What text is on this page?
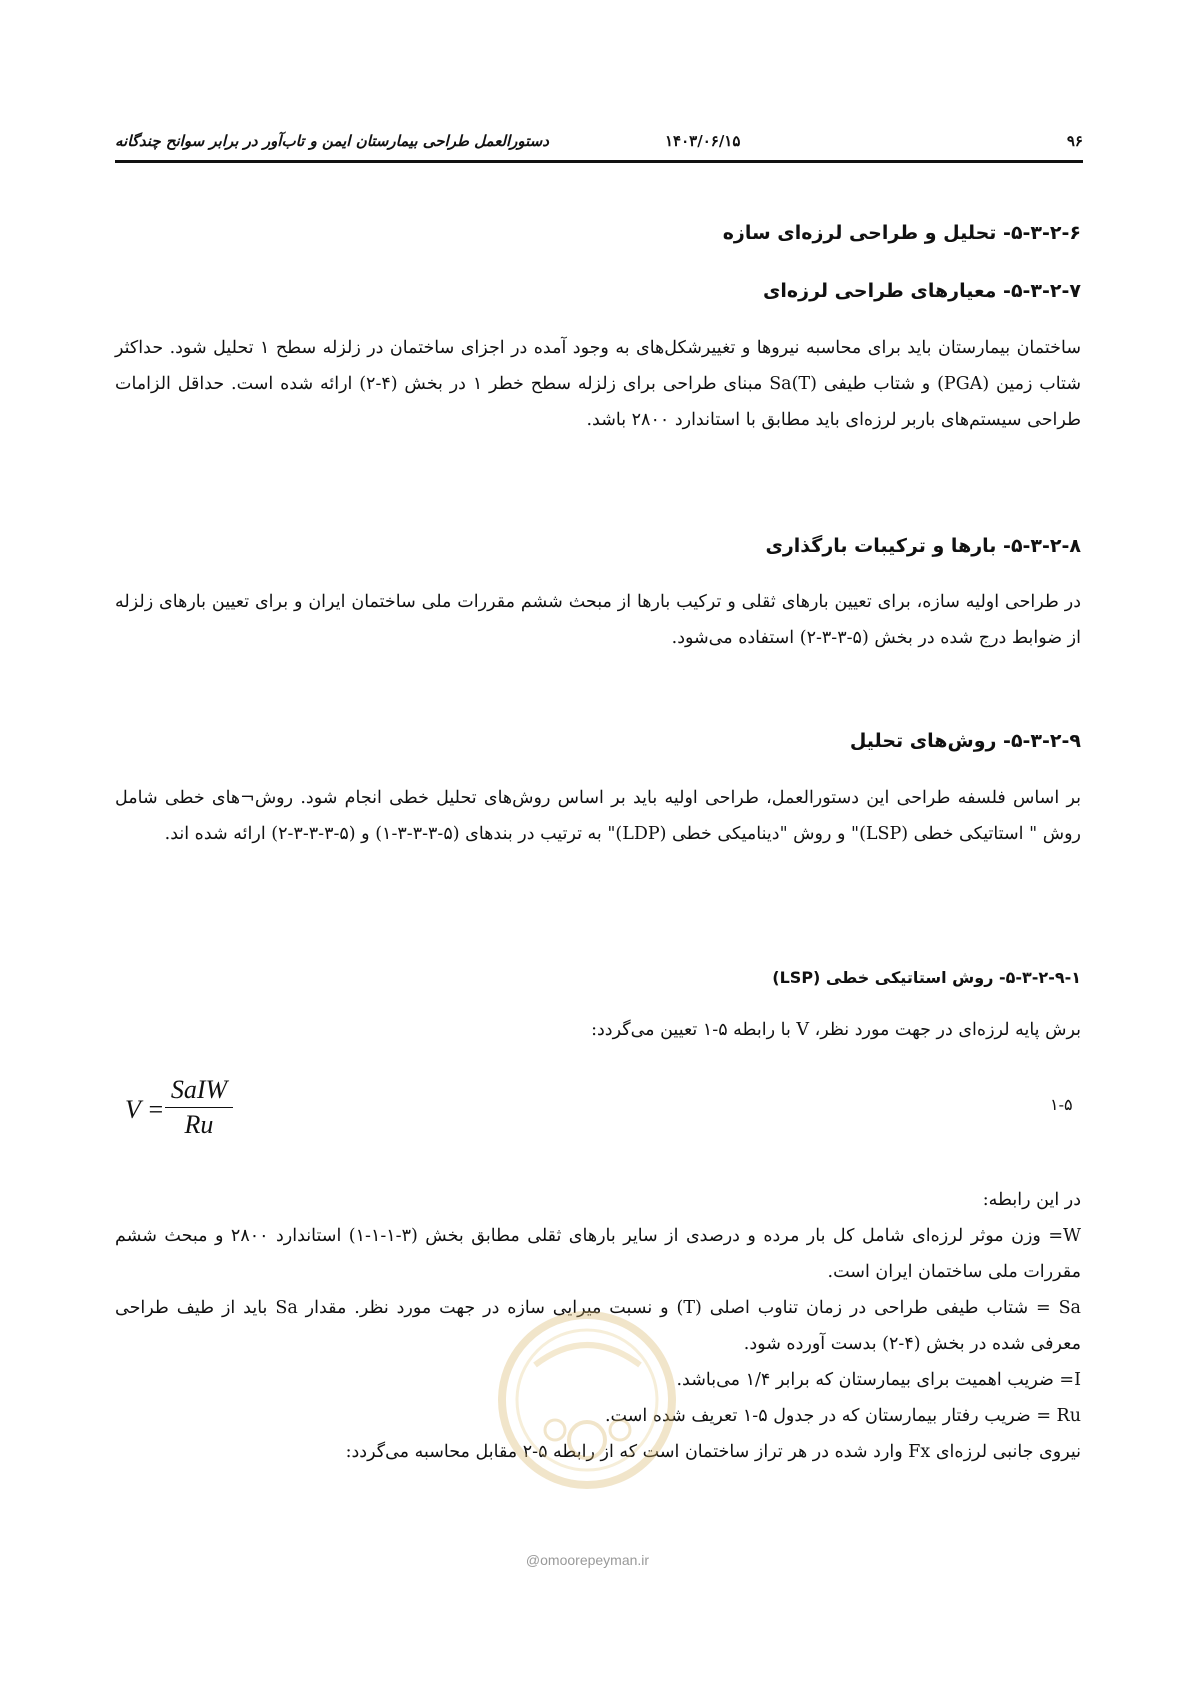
دستورالعمل طراحی بیمارستان ایمن و تاب‌آور در برابر سوانح چندگانه	۱۴۰۳/۰۶/۱۵	۹۶
۵-۳-۲-۶- تحلیل و طراحی لرزه‌ای سازه
۵-۳-۲-۷- معیارهای طراحی لرزه‌ای

ساختمان بیمارستان باید برای محاسبه نیروها و تغییرشکل‌های به وجود آمده در اجزای ساختمان در زلزله سطح ۱ تحلیل شود. حداکثر شتاب زمین (PGA) و شتاب طیفی Sa(T) مبنای طراحی برای زلزله سطح خطر ۱ در بخش (۴-۲) ارائه شده است. حداقل الزامات طراحی سیستم‌های باربر لرزه‌ای باید مطابق با استاندارد ۲۸۰۰ باشد.

۵-۳-۲-۸- بارها و ترکیبات بارگذاری

در طراحی اولیه سازه، برای تعیین بارهای ثقلی و ترکیب بارها از مبحث ششم مقررات ملی ساختمان ایران و برای تعیین بارهای زلزله از ضوابط درج شده در بخش (۵-۳-۳-۲) استفاده می‌شود.

۵-۳-۲-۹- روش‌های تحلیل

بر اساس فلسفه طراحی این دستورالعمل، طراحی اولیه باید بر اساس روش‌های تحلیل خطی انجام شود. روش¬های خطی شامل روش " استاتیکی خطی (LSP)" و روش "دینامیکی خطی (LDP)" به ترتیب در بندهای (۵-۳-۳-۳-۱) و (۵-۳-۳-۳-۲) ارائه شده اند.

۵-۳-۲-۹-۱- روش استاتیکی خطی (LSP)

برش پایه لرزه‌ای در جهت مورد نظر، V با رابطه ۵-۱ تعیین می‌گردد:

V =
SaIW
Ru
۱-۵

در این رابطه:

W= وزن موثر لرزه‌ای شامل کل بار مرده و درصدی از سایر بارهای ثقلی مطابق بخش (۳-۱-۱-۱) استاندارد ۲۸۰۰ و مبحث ششم مقررات ملی ساختمان ایران است.

Sa = شتاب طیفی طراحی در زمان تناوب اصلی (T) و نسبت میرایی سازه در جهت مورد نظر. مقدار Sa باید از طیف طراحی معرفی شده در بخش (۴-۲) بدست آورده شود.

I= ضریب اهمیت برای بیمارستان که برابر ۱/۴ می‌باشد.

Ru = ضریب رفتار بیمارستان که در جدول ۵-۱ تعریف شده است.

نیروی جانبی لرزه‌ای Fx وارد شده در هر تراز ساختمان است که از رابطه ۵-۲ مقابل محاسبه می‌گردد:

@omoorepeyman.ir
